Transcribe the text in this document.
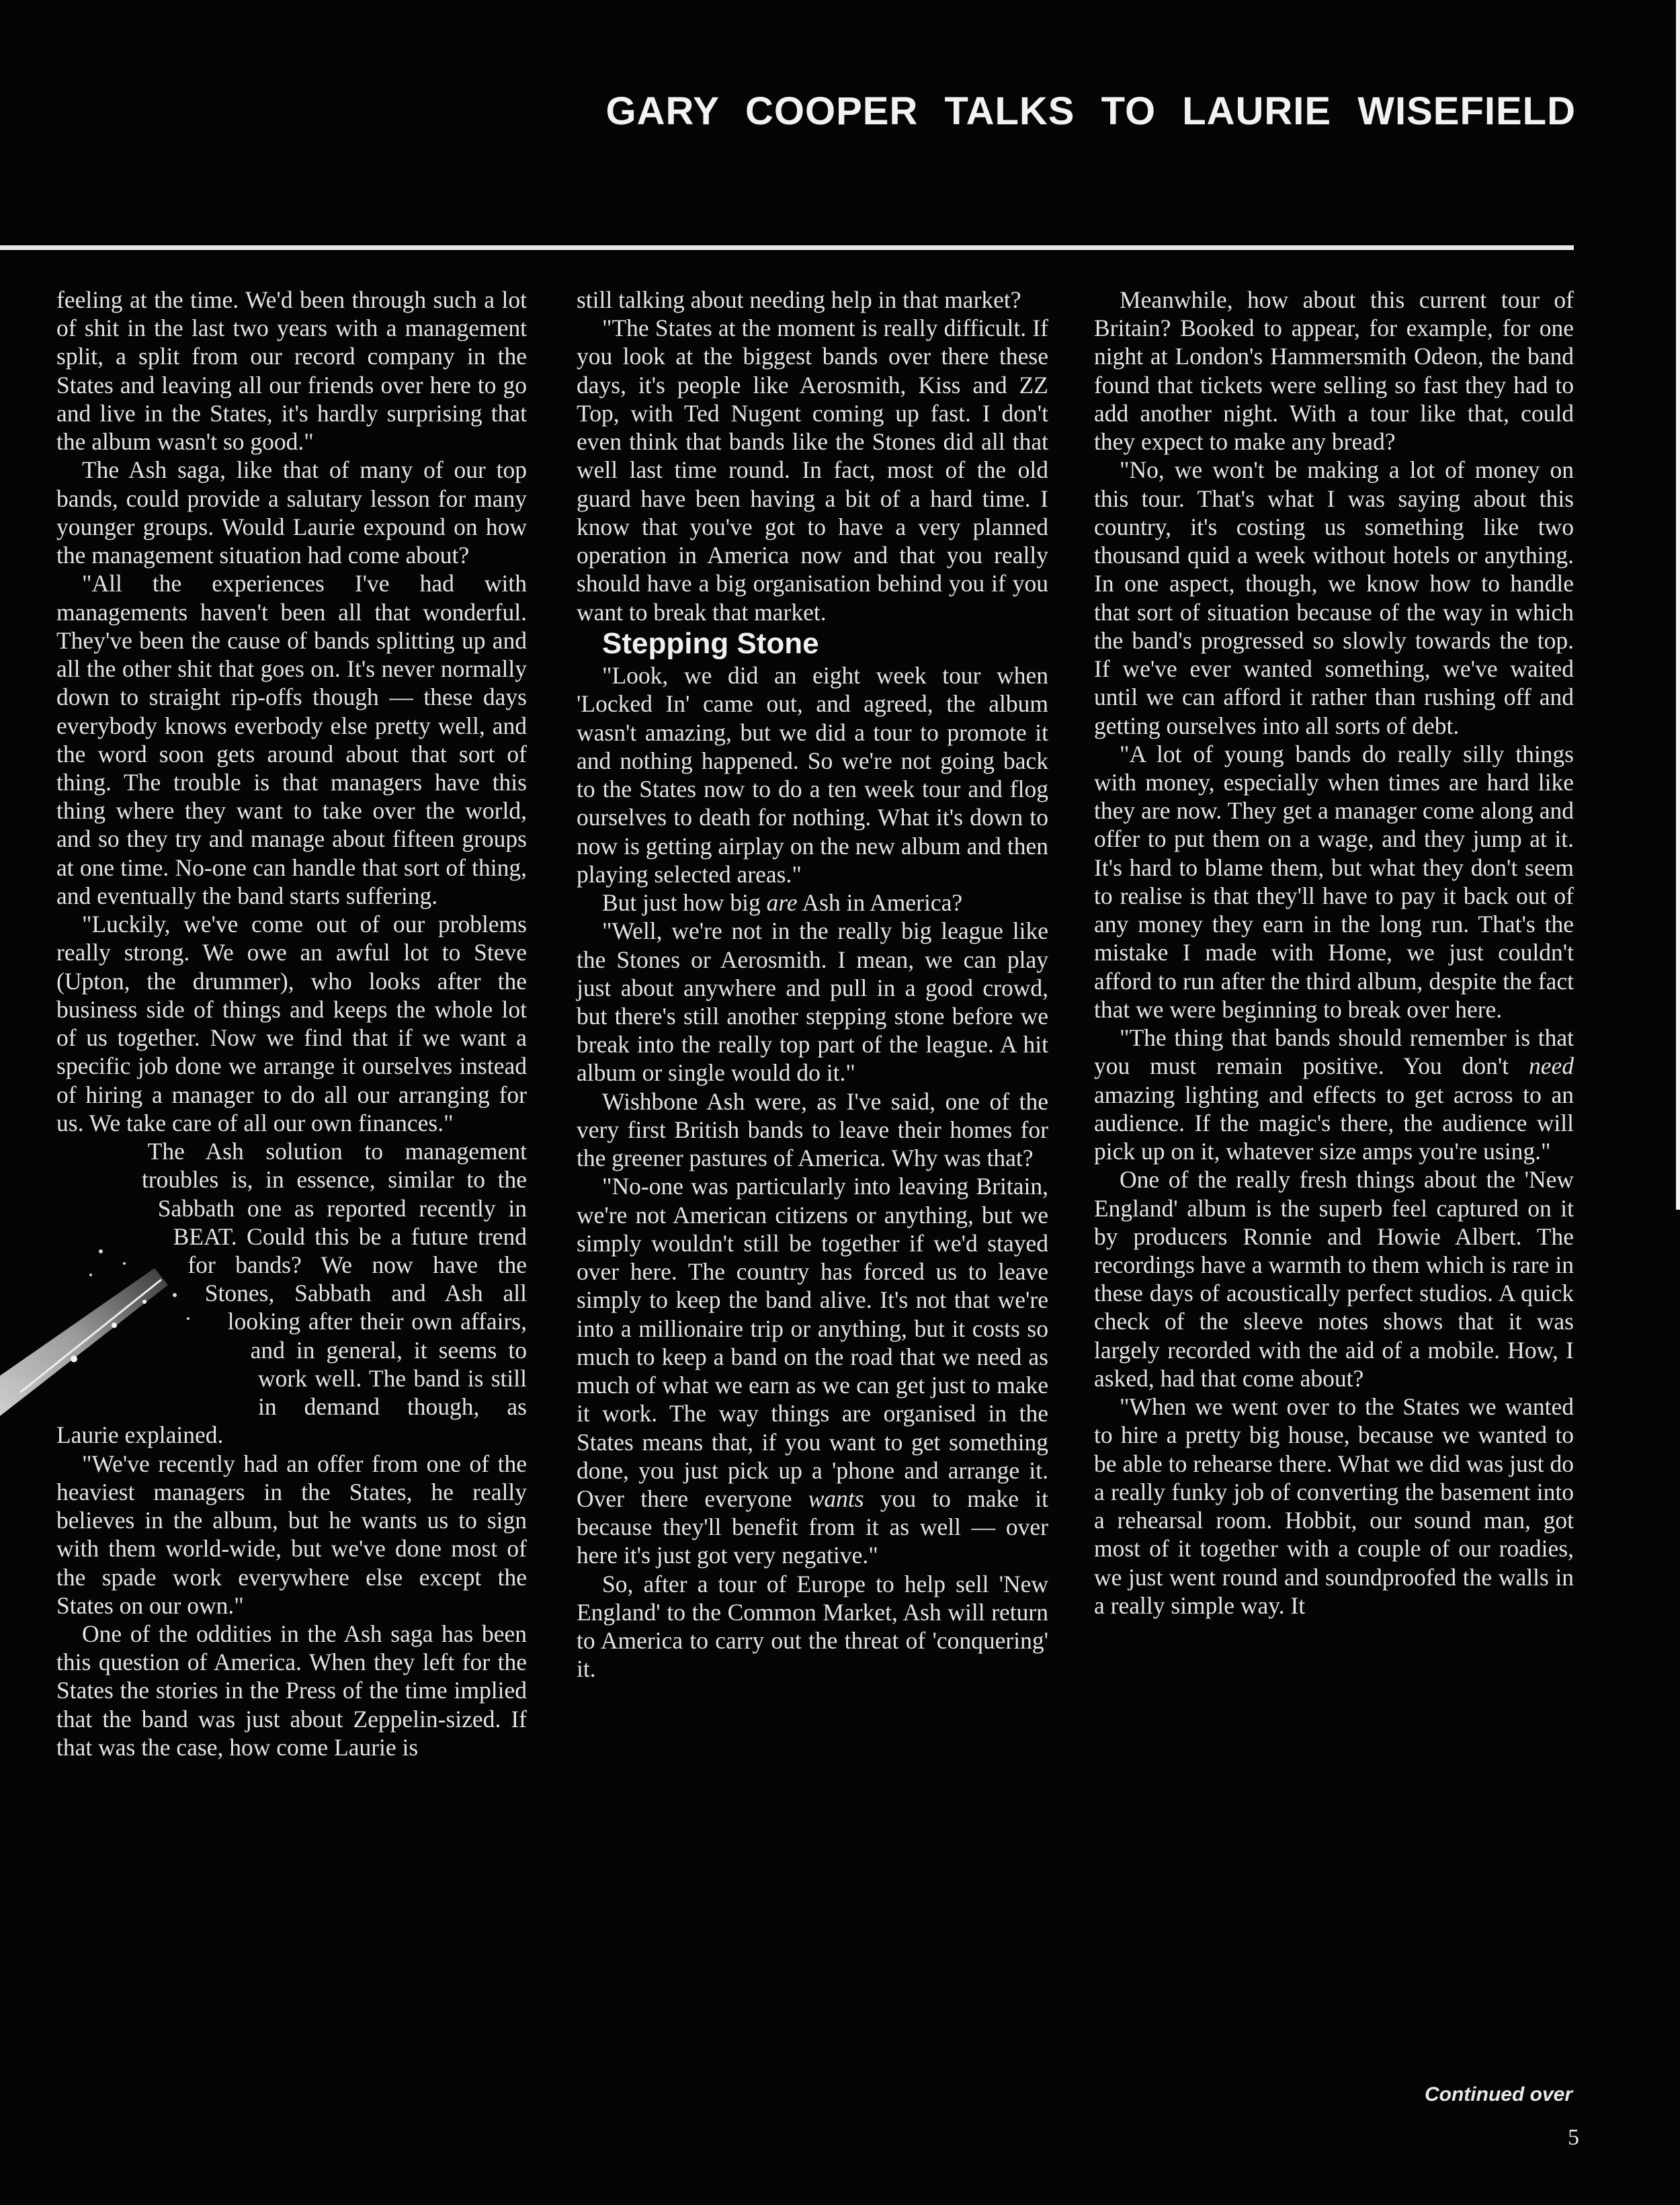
GARY COOPER TALKS TO LAURIE WISEFIELD

feeling at the time. We'd been through such a lot of shit in the last two years with a management split, a split from our record company in the States and leaving all our friends over here to go and live in the States, it's hardly surprising that the album wasn't so good."

The Ash saga, like that of many of our top bands, could provide a salutary lesson for many younger groups. Would Laurie expound on how the management situation had come about?

"All the experiences I've had with managements haven't been all that wonderful. They've been the cause of bands splitting up and all the other shit that goes on. It's never normally down to straight rip-offs though — these days everybody knows everbody else pretty well, and the word soon gets around about that sort of thing. The trouble is that managers have this thing where they want to take over the world, and so they try and manage about fifteen groups at one time. No-one can handle that sort of thing, and eventually the band starts suffering.

"Luckily, we've come out of our problems really strong. We owe an awful lot to Steve (Upton, the drummer), who looks after the business side of things and keeps the whole lot of us together. Now we find that if we want a specific job done we arrange it ourselves instead of hiring a manager to do all our arranging for us. We take care of all our own finances."

The Ash solution to management troubles is, in essence, similar to the Sabbath one as reported recently in BEAT. Could this be a future trend for bands? We now have the Stones, Sabbath and Ash all looking after their own affairs, and in general, it seems to work well. The band is still in demand though, as Laurie explained.

"We've recently had an offer from one of the heaviest managers in the States, he really believes in the album, but he wants us to sign with them world-wide, but we've done most of the spade work everywhere else except the States on our own."

One of the oddities in the Ash saga has been this question of America. When they left for the States the stories in the Press of the time implied that the band was just about Zeppelin-sized. If that was the case, how come Laurie is

still talking about needing help in that market?

"The States at the moment is really difficult. If you look at the biggest bands over there these days, it's people like Aerosmith, Kiss and ZZ Top, with Ted Nugent coming up fast. I don't even think that bands like the Stones did all that well last time round. In fact, most of the old guard have been having a bit of a hard time. I know that you've got to have a very planned operation in America now and that you really should have a big organisation behind you if you want to break that market.

Stepping Stone

"Look, we did an eight week tour when 'Locked In' came out, and agreed, the album wasn't amazing, but we did a tour to promote it and nothing happened. So we're not going back to the States now to do a ten week tour and flog ourselves to death for nothing. What it's down to now is getting airplay on the new album and then playing selected areas."

But just how big are Ash in America?

"Well, we're not in the really big league like the Stones or Aerosmith. I mean, we can play just about anywhere and pull in a good crowd, but there's still another stepping stone before we break into the really top part of the league. A hit album or single would do it."

Wishbone Ash were, as I've said, one of the very first British bands to leave their homes for the greener pastures of America. Why was that?

"No-one was particularly into leaving Britain, we're not American citizens or anything, but we simply wouldn't still be together if we'd stayed over here. The country has forced us to leave simply to keep the band alive. It's not that we're into a millionaire trip or anything, but it costs so much to keep a band on the road that we need as much of what we earn as we can get just to make it work. The way things are organised in the States means that, if you want to get something done, you just pick up a 'phone and arrange it. Over there everyone wants you to make it because they'll benefit from it as well — over here it's just got very negative."

So, after a tour of Europe to help sell 'New England' to the Common Market, Ash will return to America to carry out the threat of 'conquering' it.

Meanwhile, how about this current tour of Britain? Booked to appear, for example, for one night at London's Hammersmith Odeon, the band found that tickets were selling so fast they had to add another night. With a tour like that, could they expect to make any bread?

"No, we won't be making a lot of money on this tour. That's what I was saying about this country, it's costing us something like two thousand quid a week without hotels or anything. In one aspect, though, we know how to handle that sort of situation because of the way in which the band's progressed so slowly towards the top. If we've ever wanted something, we've waited until we can afford it rather than rushing off and getting ourselves into all sorts of debt.

"A lot of young bands do really silly things with money, especially when times are hard like they are now. They get a manager come along and offer to put them on a wage, and they jump at it. It's hard to blame them, but what they don't seem to realise is that they'll have to pay it back out of any money they earn in the long run. That's the mistake I made with Home, we just couldn't afford to run after the third album, despite the fact that we were beginning to break over here.

"The thing that bands should remember is that you must remain positive. You don't need amazing lighting and effects to get across to an audience. If the magic's there, the audience will pick up on it, whatever size amps you're using."

One of the really fresh things about the 'New England' album is the superb feel captured on it by producers Ronnie and Howie Albert. The recordings have a warmth to them which is rare in these days of acoustically perfect studios. A quick check of the sleeve notes shows that it was largely recorded with the aid of a mobile. How, I asked, had that come about?

"When we went over to the States we wanted to hire a pretty big house, because we wanted to be able to rehearse there. What we did was just do a really funky job of converting the basement into a rehearsal room. Hobbit, our sound man, got most of it together with a couple of our roadies, we just went round and soundproofed the walls in a really simple way. It

Continued over
5
